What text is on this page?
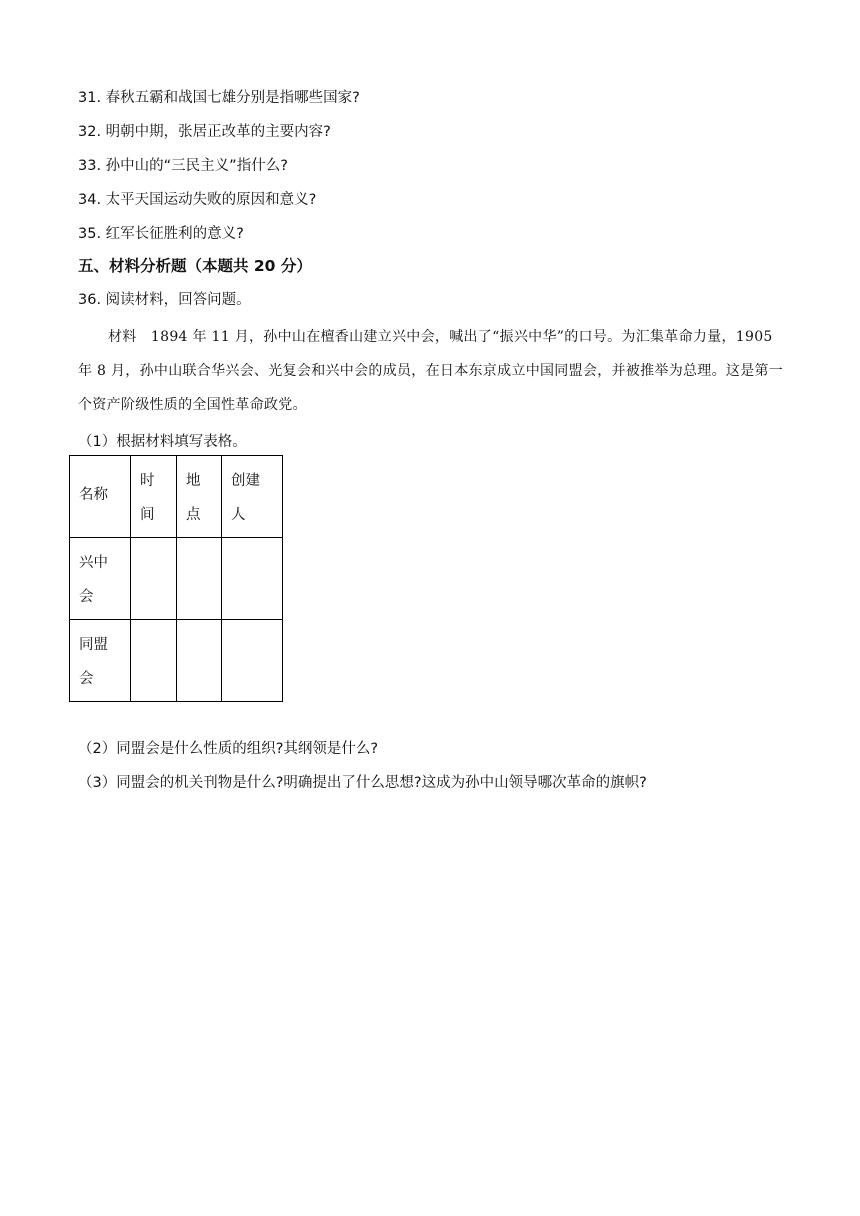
31. 春秋五霸和战国七雄分别是指哪些国家?
32. 明朝中期，张居正改革的主要内容?
33. 孙中山的“三民主义”指什么?
34. 太平天国运动失败的原因和意义?
35. 红军长征胜利的意义?
五、材料分析题（本题共 20 分）
36. 阅读材料，回答问题。
材料　1894 年 11 月，孙中山在檀香山建立兴中会，喊出了“振兴中华”的口号。为汇集革命力量，1905 年 8 月，孙中山联合华兴会、光复会和兴中会的成员，在日本东京成立中国同盟会，并被推举为总理。这是第一个资产阶级性质的全国性革命政党。
（1）根据材料填写表格。
名称	时间	地点	创建人
兴中会			
同盟会			
（2）同盟会是什么性质的组织?其纲领是什么?
（3）同盟会的机关刊物是什么?明确提出了什么思想?这成为孙中山领导哪次革命的旗帜?
